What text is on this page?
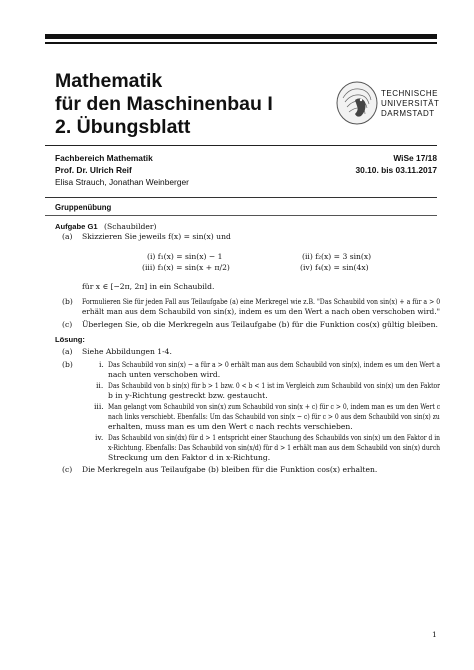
Mathematik
für den Maschinenbau I
2. Übungsblatt
TECHNISCHE
UNIVERSITÄT
DARMSTADT
Fachbereich Mathematik
Prof. Dr. Ulrich Reif
Elisa Strauch, Jonathan Weinberger
WiSe 17/18
30.10. bis 03.11.2017
Gruppenübung
Aufgabe G1 (Schaubilder)
(a) Skizzieren Sie jeweils f(x) = sin(x) und
(i) f₁(x) = sin(x) − 1	(ii) f₂(x) = 3 sin(x)
(iii) f₃(x) = sin(x + π/2)	(iv) f₄(x) = sin(4x)
für x ∈ [−2π, 2π] in ein Schaubild.
(b) Formulieren Sie für jeden Fall aus Teilaufgabe (a) eine Merkregel wie z.B. "Das Schaubild von sin(x) + a für a > 0
erhält man aus dem Schaubild von sin(x), indem es um den Wert a nach oben verschoben wird."
(c) Überlegen Sie, ob die Merkregeln aus Teilaufgabe (b) für die Funktion cos(x) gültig bleiben.
Lösung:
(a) Siehe Abbildungen 1-4.
(b)	i. Das Schaubild von sin(x) − a für a > 0 erhält man aus dem Schaubild von sin(x), indem es um den Wert a
nach unten verschoben wird.
ii. Das Schaubild von b sin(x) für b > 1 bzw. 0 < b < 1 ist im Vergleich zum Schaubild von sin(x) um den Faktor
b in y-Richtung gestreckt bzw. gestaucht.
iii. Man gelangt vom Schaubild von sin(x) zum Schaubild von sin(x + c) für c > 0, indem man es um den Wert c
nach links verschiebt. Ebenfalls: Um das Schaubild von sin(x − c) für c > 0 aus dem Schaubild von sin(x) zu
erhalten, muss man es um den Wert c nach rechts verschieben.
iv. Das Schaubild von sin(dx) für d > 1 entspricht einer Stauchung des Schaubilds von sin(x) um den Faktor d in
x-Richtung. Ebenfalls: Das Schaubild von sin(x/d) für d > 1 erhält man aus dem Schaubild von sin(x) durch
Streckung um den Faktor d in x-Richtung.
(c) Die Merkregeln aus Teilaufgabe (b) bleiben für die Funktion cos(x) erhalten.
1
